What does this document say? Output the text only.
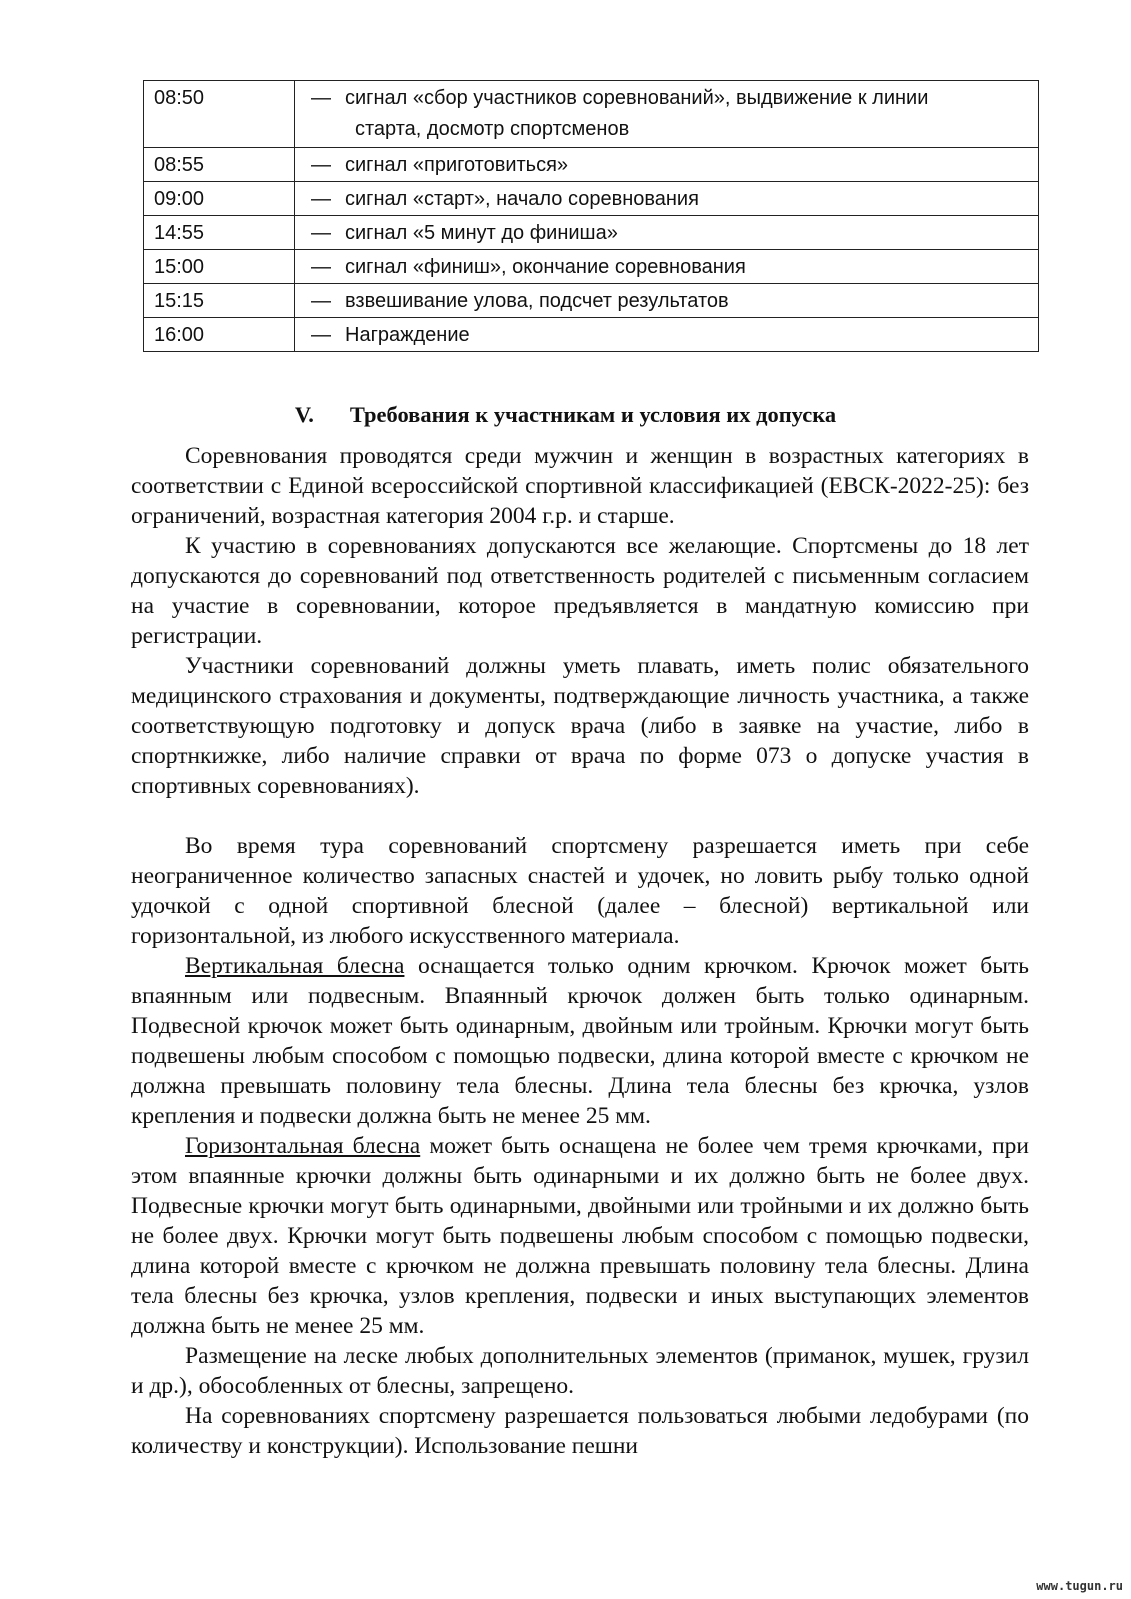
08:50	— сигнал «сбор участников соревнований», выдвижение к линии
старта, досмотр спортсменов

08:55	— сигнал «приготовиться»
09:00	— сигнал «старт», начало соревнования
14:55	— сигнал «5 минут до финиша»
15:00	— сигнал «финиш», окончание соревнования
15:15	— взвешивание улова, подсчет результатов
16:00	— Награждение
V. Требования к участникам и условия их допуска

Соревнования проводятся среди мужчин и женщин в возрастных категориях в соответствии с Единой всероссийской спортивной классификацией (ЕВСК-2022-25): без ограничений, возрастная категория 2004 г.р. и старше.

К участию в соревнованиях допускаются все желающие. Спортсмены до 18 лет допускаются до соревнований под ответственность родителей с письменным согласием на участие в соревновании, которое предъявляется в мандатную комиссию при регистрации.

Участники соревнований должны уметь плавать, иметь полис обязательного медицинского страхования и документы, подтверждающие личность участника, а также соответствующую подготовку и допуск врача (либо в заявке на участие, либо в спортнкижке, либо наличие справки от врача по форме 073 о допуске участия в спортивных соревнованиях).

Во время тура соревнований спортсмену разрешается иметь при себе неограниченное количество запасных снастей и удочек, но ловить рыбу только одной удочкой с одной спортивной блесной (далее – блесной) вертикальной или горизонтальной, из любого искусственного материала.

Вертикальная блесна оснащается только одним крючком. Крючок может быть впаянным или подвесным. Впаянный крючок должен быть только одинарным. Подвесной крючок может быть одинарным, двойным или тройным. Крючки могут быть подвешены любым способом с помощью подвески, длина которой вместе с крючком не должна превышать половину тела блесны. Длина тела блесны без крючка, узлов крепления и подвески должна быть не менее 25 мм.

Горизонтальная блесна может быть оснащена не более чем тремя крючками, при этом впаянные крючки должны быть одинарными и их должно быть не более двух. Подвесные крючки могут быть одинарными, двойными или тройными и их должно быть не более двух. Крючки могут быть подвешены любым способом с помощью подвески, длина которой вместе с крючком не должна превышать половину тела блесны. Длина тела блесны без крючка, узлов крепления, подвески и иных выступающих элементов должна быть не менее 25 мм.

Размещение на леске любых дополнительных элементов (приманок, мушек, грузил и др.), обособленных от блесны, запрещено.

На соревнованиях спортсмену разрешается пользоваться любыми ледобурами (по количеству и конструкции). Использование пешни

www.tugun.ru
